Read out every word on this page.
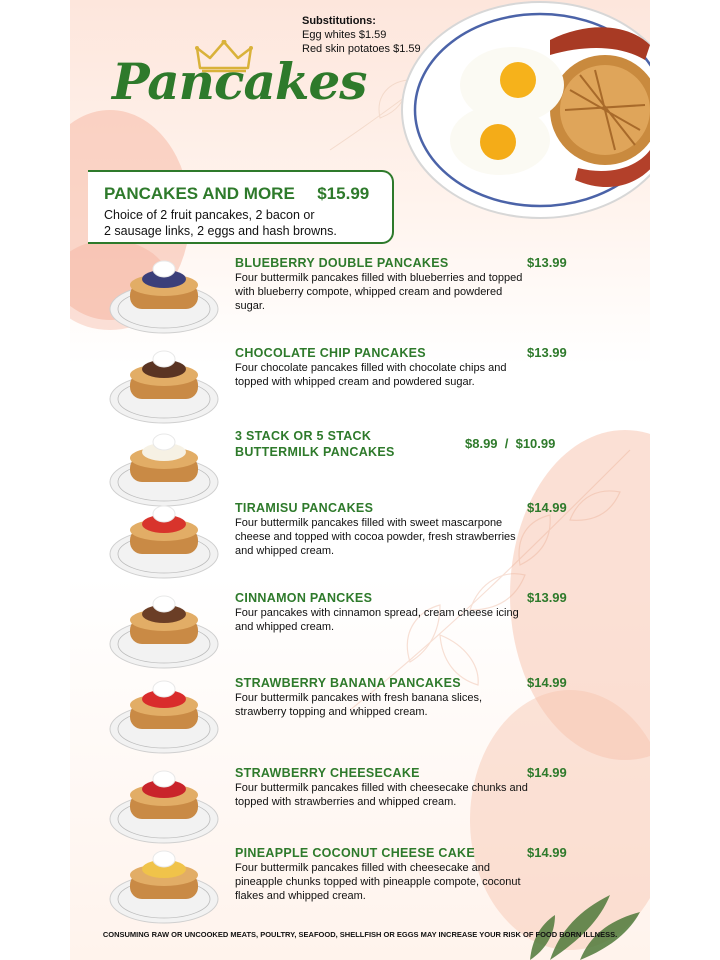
Substitutions:
Egg whites $1.59
Red skin potatoes $1.59
Pancakes
PANCAKES AND MORE $15.99
Choice of 2 fruit pancakes, 2 bacon or
2 sausage links, 2 eggs and hash browns.
BLUEBERRY DOUBLE PANCAKES	$13.99
Four buttermilk pancakes filled with blueberries and topped with blueberry compote, whipped cream and powdered sugar.
CHOCOLATE CHIP PANCAKES	$13.99
Four chocolate pancakes filled with chocolate chips and topped with whipped cream and powdered sugar.
3 STACK OR 5 STACK
BUTTERMILK PANCAKES
$8.99  /  $10.99
TIRAMISU PANCAKES	$14.99
Four buttermilk pancakes filled with sweet mascarpone cheese and topped with cocoa powder, fresh strawberries and whipped cream.
CINNAMON PANCKES	$13.99
Four pancakes with cinnamon spread, cream cheese icing and whipped cream.
STRAWBERRY BANANA PANCAKES	$14.99
Four buttermilk pancakes with fresh banana slices, strawberry topping and whipped cream.
STRAWBERRY CHEESECAKE	$14.99
Four buttermilk pancakes filled with cheesecake chunks and topped with strawberries and whipped cream.
PINEAPPLE COCONUT CHEESE CAKE	$14.99
Four buttermilk pancakes filled with cheesecake and pineapple chunks topped with pineapple compote, coconut flakes and whipped cream.
CONSUMING RAW OR UNCOOKED MEATS, POULTRY, SEAFOOD, SHELLFISH OR EGGS MAY INCREASE YOUR RISK OF FOOD BORN ILLNESS.
